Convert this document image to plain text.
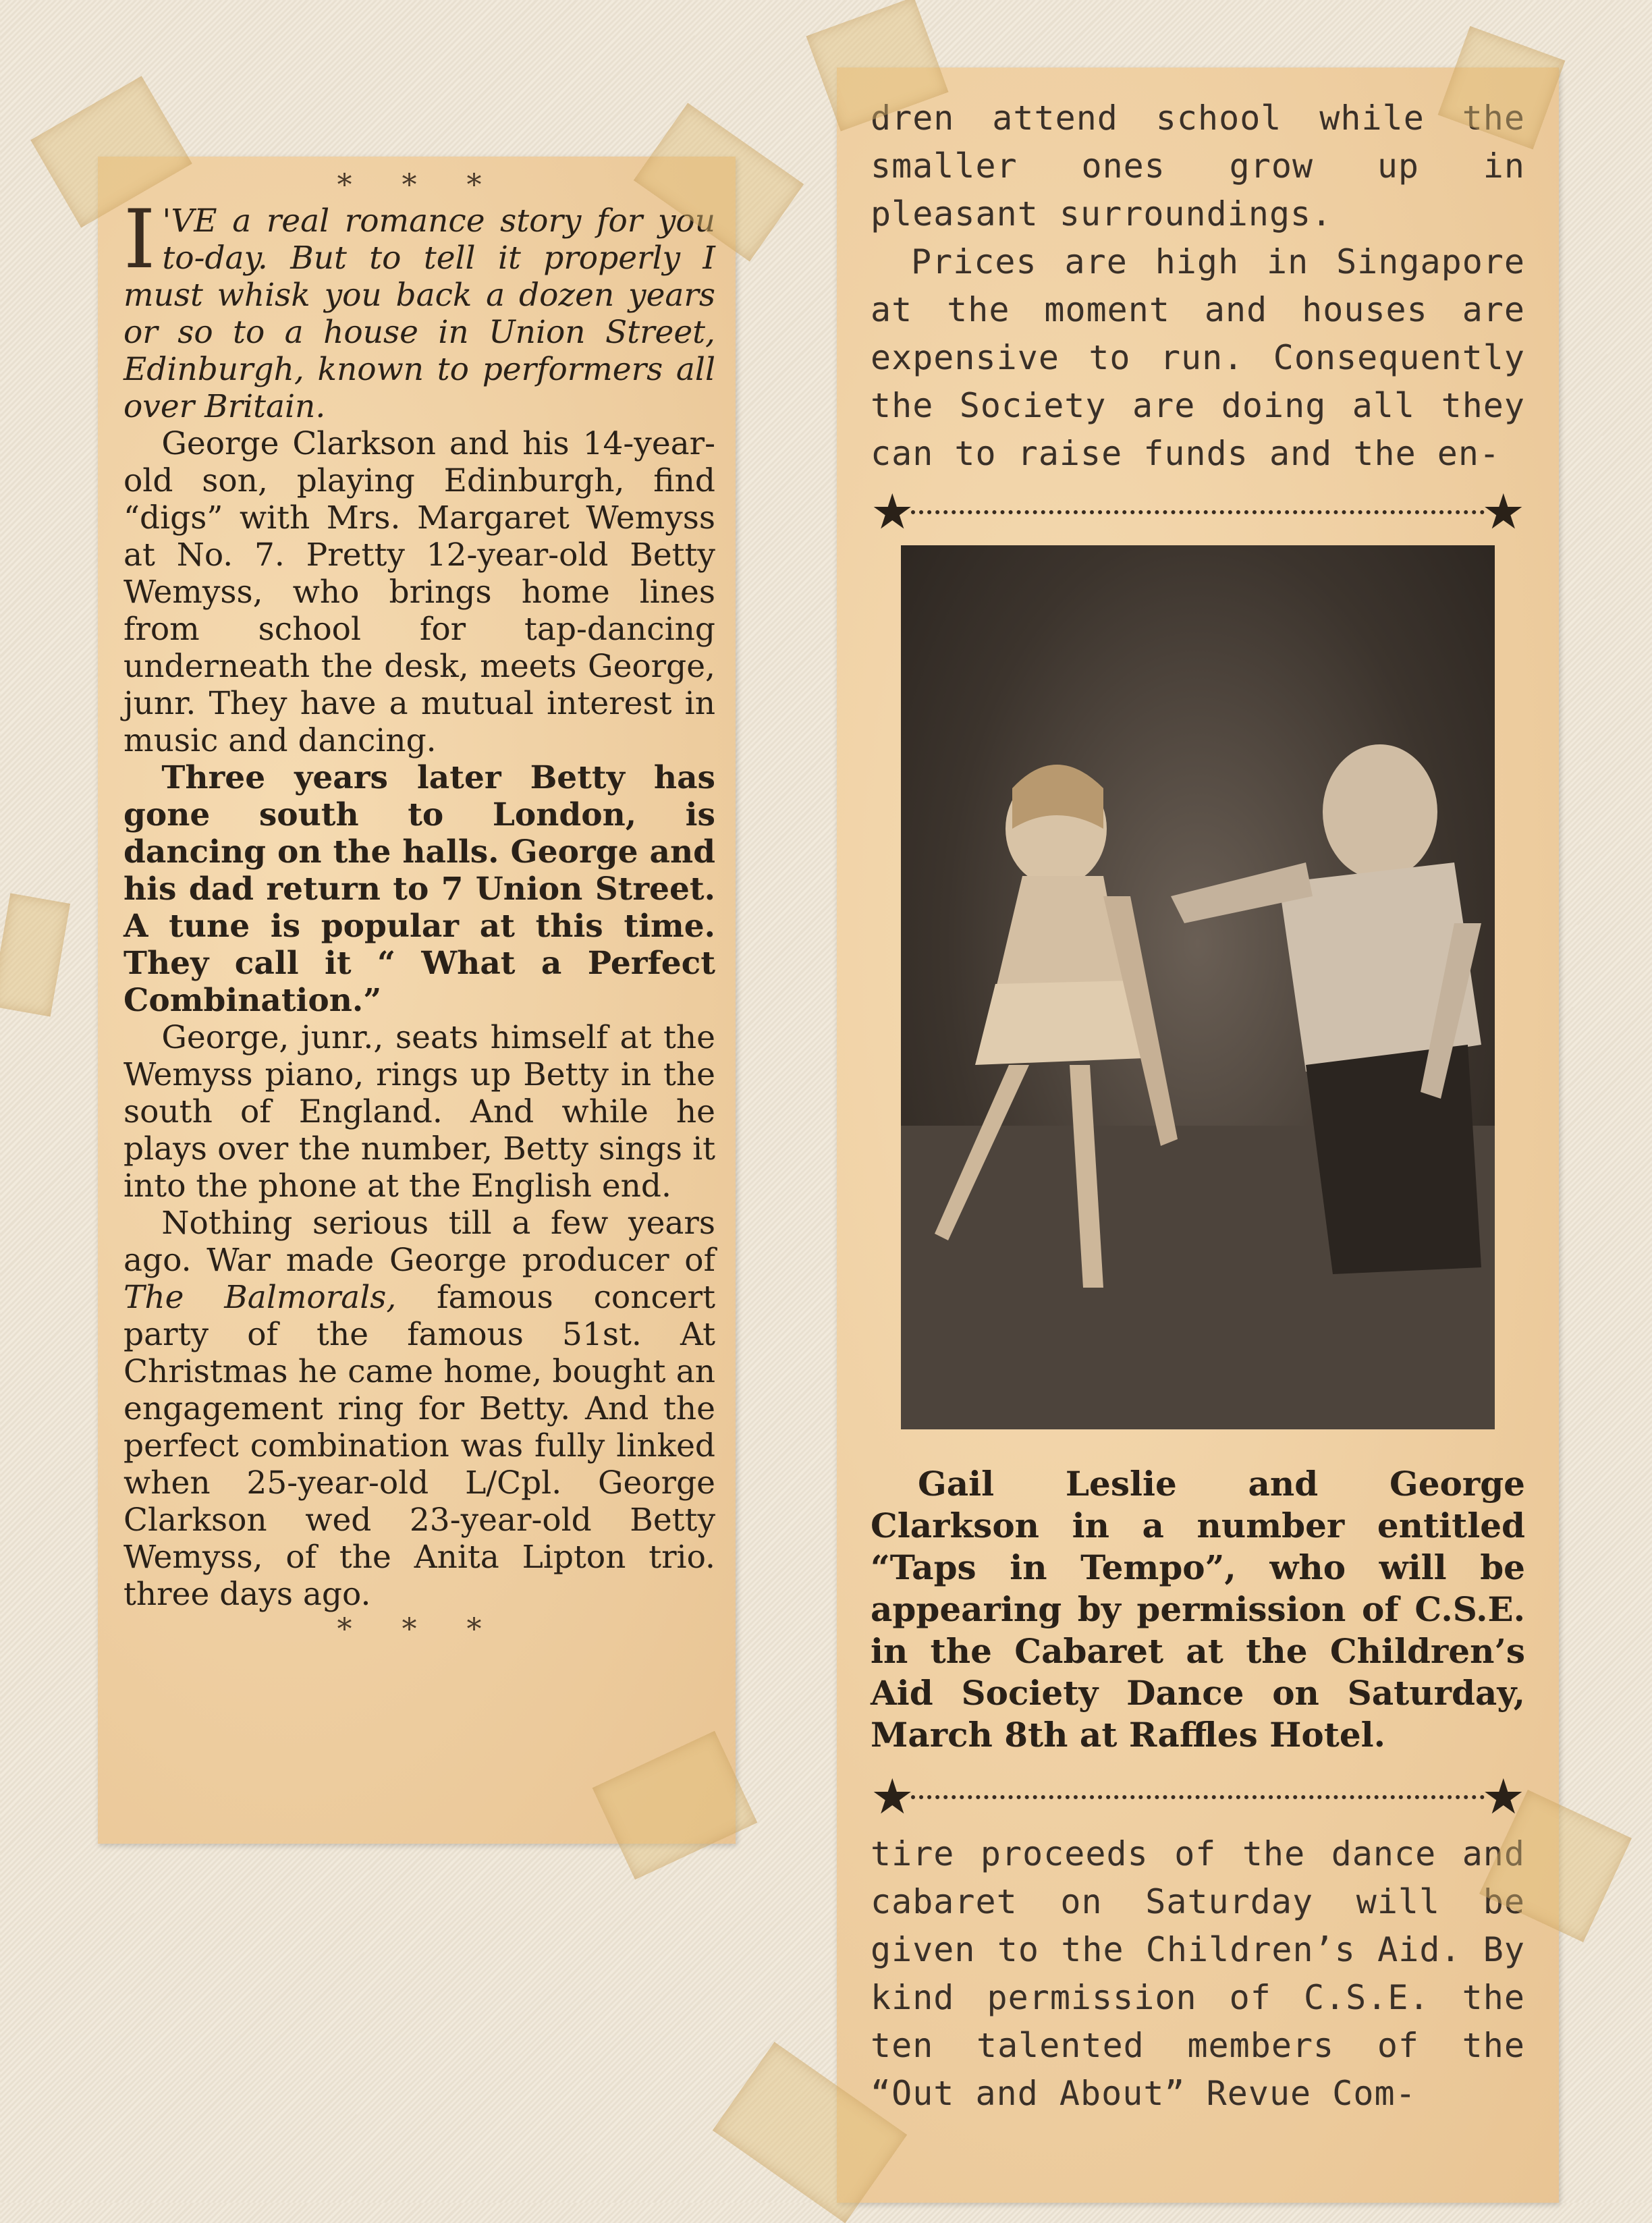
* * *

I 'VE a real romance story for you to-day. But to tell it properly I must whisk you back a dozen years or so to a house in Union Street, Edinburgh, known to performers all over Britain.

George Clarkson and his 14-year-old son, playing Edinburgh, find “digs” with Mrs. Margaret Wemyss at No. 7. Pretty 12-year-old Betty Wemyss, who brings home lines from school for tap-dancing underneath the desk, meets George, junr. They have a mutual interest in music and dancing.

Three years later Betty has gone south to London, is dancing on the halls. George and his dad return to 7 Union Street. A tune is popular at this time. They call it “ What a Perfect Combination.”

George, junr., seats himself at the Wemyss piano, rings up Betty in the south of England. And while he plays over the number, Betty sings it into the phone at the English end.

Nothing serious till a few years ago. War made George producer of The Balmorals, famous concert party of the famous 51st. At Christmas he came home, bought an engagement ring for Betty. And the perfect combination was fully linked when 25-year-old L/Cpl. George Clarkson wed 23-year-old Betty Wemyss, of the Anita Lipton trio. three days ago.

* * *

dren attend school while the smaller ones grow up in pleasant surroundings.

Prices are high in Singapore at the moment and houses are expensive to run. Consequently the Society are doing all they can to raise funds and the en-

★	★

Gail Leslie and George Clarkson in a number entitled “Taps in Tempo”, who will be appearing by permission of C.S.E. in the Cabaret at the Children’s Aid Society Dance on Saturday, March 8th at Raffles Hotel.

★	★

tire proceeds of the dance and cabaret on Saturday will be given to the Children’s Aid. By kind permission of C.S.E. the ten talented members of the “Out and About” Revue Com-
